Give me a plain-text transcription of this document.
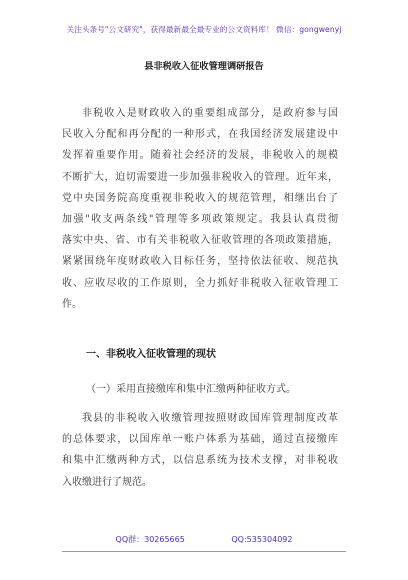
关注头条号"公文研究"，获得最新最全最专业的公文资料库！ 微信：gongwenyj
县非税收入征收管理调研报告
非税收入是财政收入的重要组成部分，是政府参与国
民收入分配和再分配的一种形式，在我国经济发展建设中
发挥着重要作用。随着社会经济的发展，非税收入的规模
不断扩大，迫切需要进一步加强非税收入的管理。近年来，
党中央国务院高度重视非税收入的规范管理，相继出台了
加强"收支两条线"管理等多项政策规定。我县认真贯彻
落实中央、省、市有关非税收入征收管理的各项政策措施，
紧紧围绕年度财政收入目标任务，坚持依法征收、规范执
收、应收尽收的工作原则，全力抓好非税收入征收管理工
作。
一、非税收入征收管理的现状
（一）采用直接缴库和集中汇缴两种征收方式。
我县的非税收入收缴管理按照财政国库管理制度改革
的总体要求，以国库单一账户体系为基础，通过直接缴库
和集中汇缴两种方式，以信息系统为技术支撑，对非税收
入收缴进行了规范。
QQ群：30265665	QQ:535304092
